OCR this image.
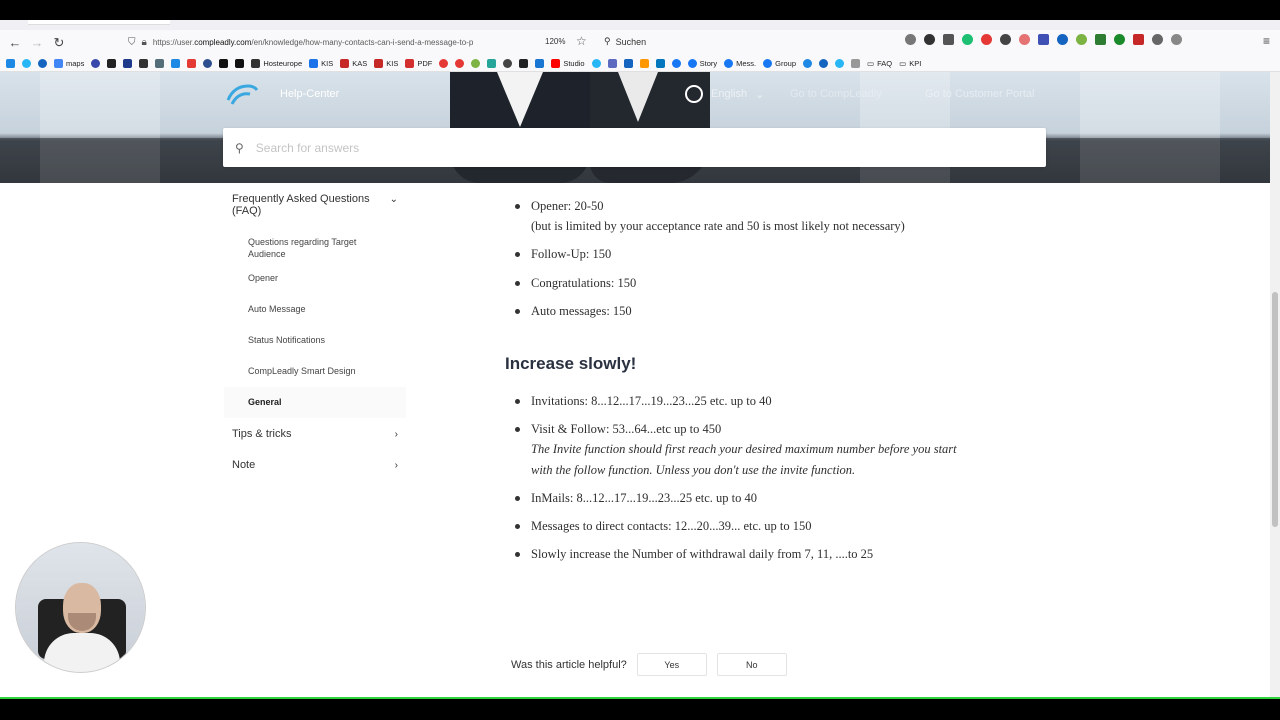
← → ↻	⛉ 🔒︎ https://user.compleadly.com/en/knowledge/how-many-contacts-can-i-send-a-message-to-p	120% ☆ ⚲ Suchen	≡
maps	Hosteurope	KIS	KAS	KIS	PDF	Studio	Story	Mess.	Group	▭ FAQ ▭ KPI
Help-Center	English ⌄ Go to CompLeadly	Go to Customer Portal
⚲
Search for answers
Frequently Asked Questions (FAQ)
⌄
Questions regarding Target Audience
Opener
Auto Message
Status Notifications
CompLeadly Smart Design
General
Tips & tricks	›
Note	›
Opener: 20-50
(but is limited by your acceptance rate and 50 is most likely not necessary)
Follow-Up: 150
Congratulations: 150
Auto messages: 150
Increase slowly!
Invitations: 8...12...17...19...23...25 etc. up to 40
Visit & Follow: 53...64...etc up to 450
The Invite function should first reach your desired maximum number before you start
with the follow function. Unless you don't use the invite function.
InMails: 8...12...17...19...23...25 etc. up to 40
Messages to direct contacts: 12...20...39... etc. up to 150
Slowly increase the Number of withdrawal daily from 7, 11, ....to 25
Was this article helpful?	Yes	No
